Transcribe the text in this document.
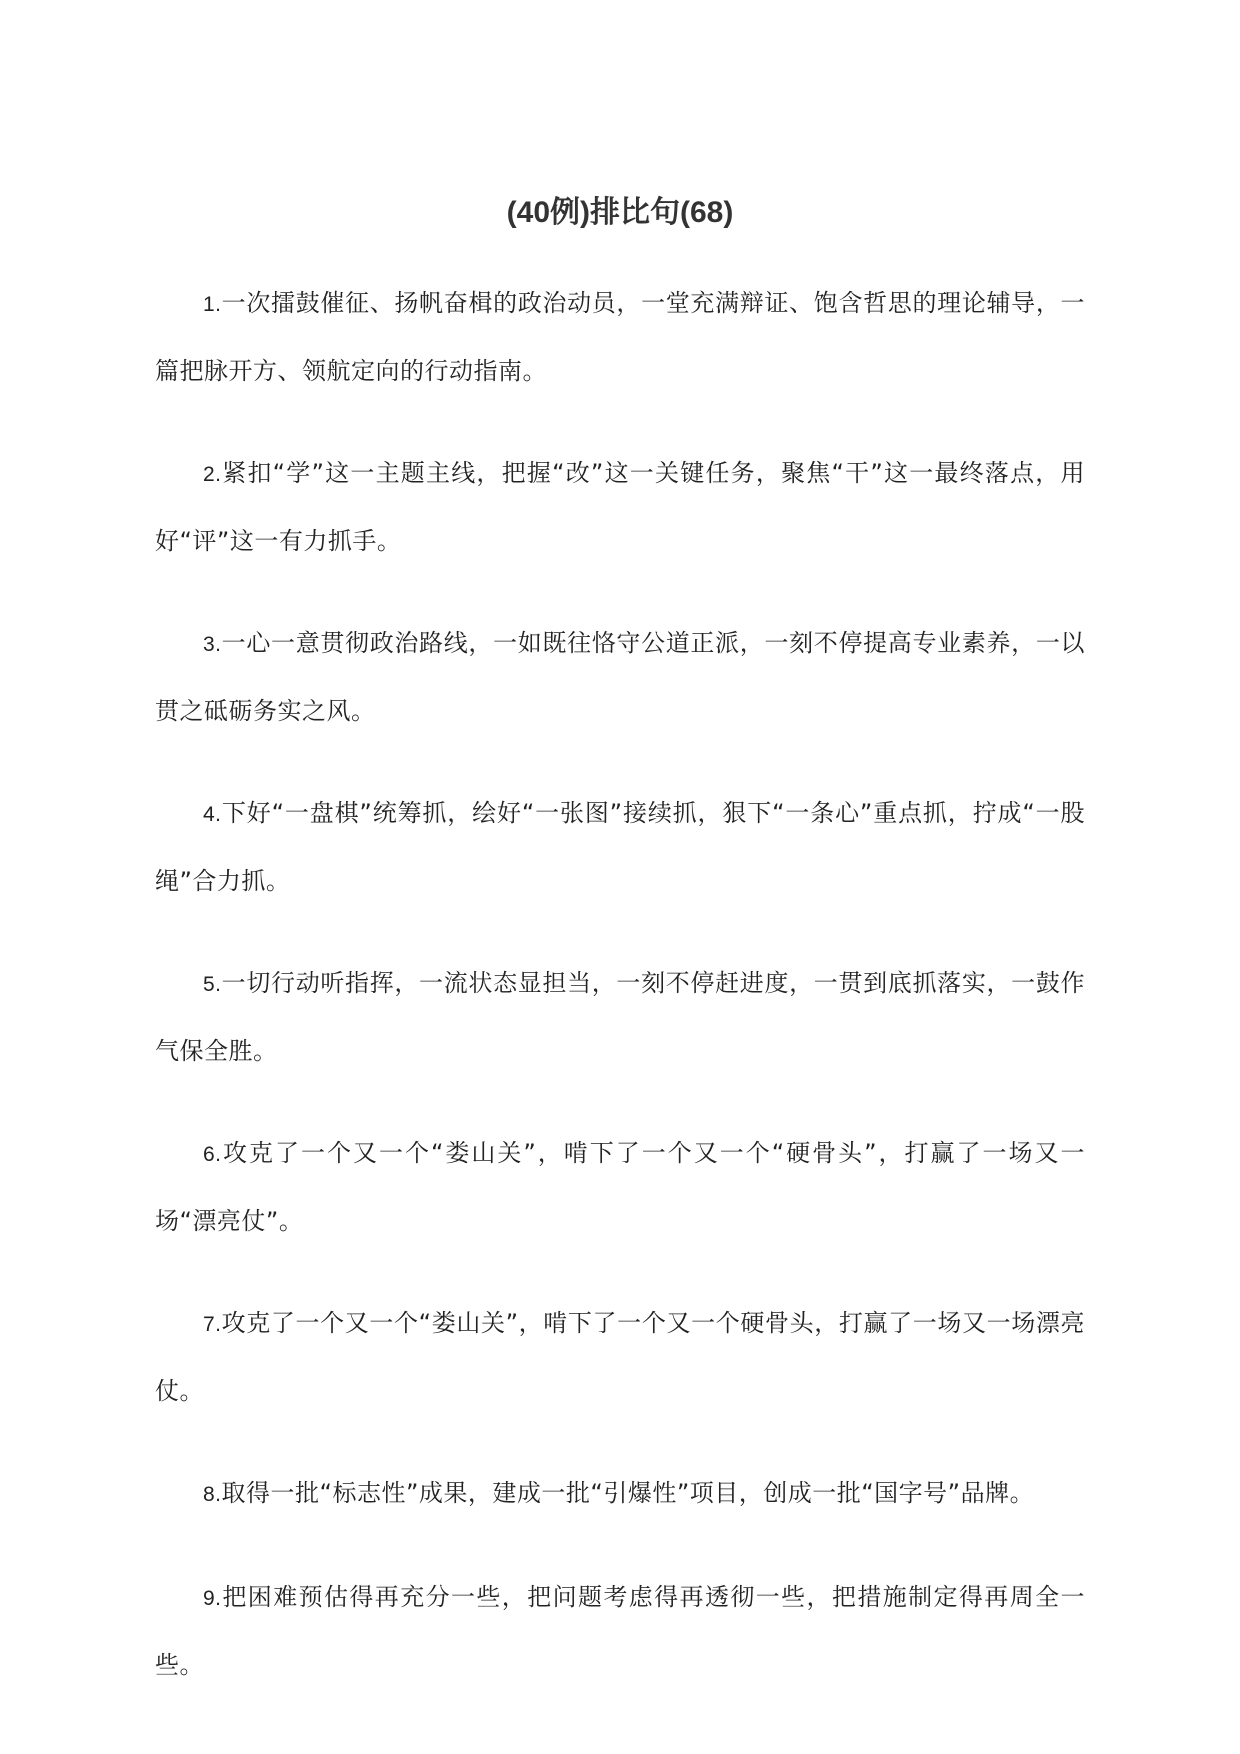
(40例)排比句(68)

1.一次擂鼓催征、扬帆奋楫的政治动员，一堂充满辩证、饱含哲思的理论辅导，一篇把脉开方、领航定向的行动指南。

2.紧扣“学”这一主题主线，把握“改”这一关键任务，聚焦“干”这一最终落点，用好“评”这一有力抓手。

3.一心一意贯彻政治路线，一如既往恪守公道正派，一刻不停提高专业素养，一以贯之砥砺务实之风。

4.下好“一盘棋”统筹抓，绘好“一张图”接续抓，狠下“一条心”重点抓，拧成“一股绳”合力抓。

5.一切行动听指挥，一流状态显担当，一刻不停赶进度，一贯到底抓落实，一鼓作气保全胜。

6.攻克了一个又一个“娄山关”，啃下了一个又一个“硬骨头”，打赢了一场又一场“漂亮仗”。

7.攻克了一个又一个“娄山关”，啃下了一个又一个硬骨头，打赢了一场又一场漂亮仗。

8.取得一批“标志性”成果，建成一批“引爆性”项目，创成一批“国字号”品牌。

9.把困难预估得再充分一些，把问题考虑得再透彻一些，把措施制定得再周全一些。
